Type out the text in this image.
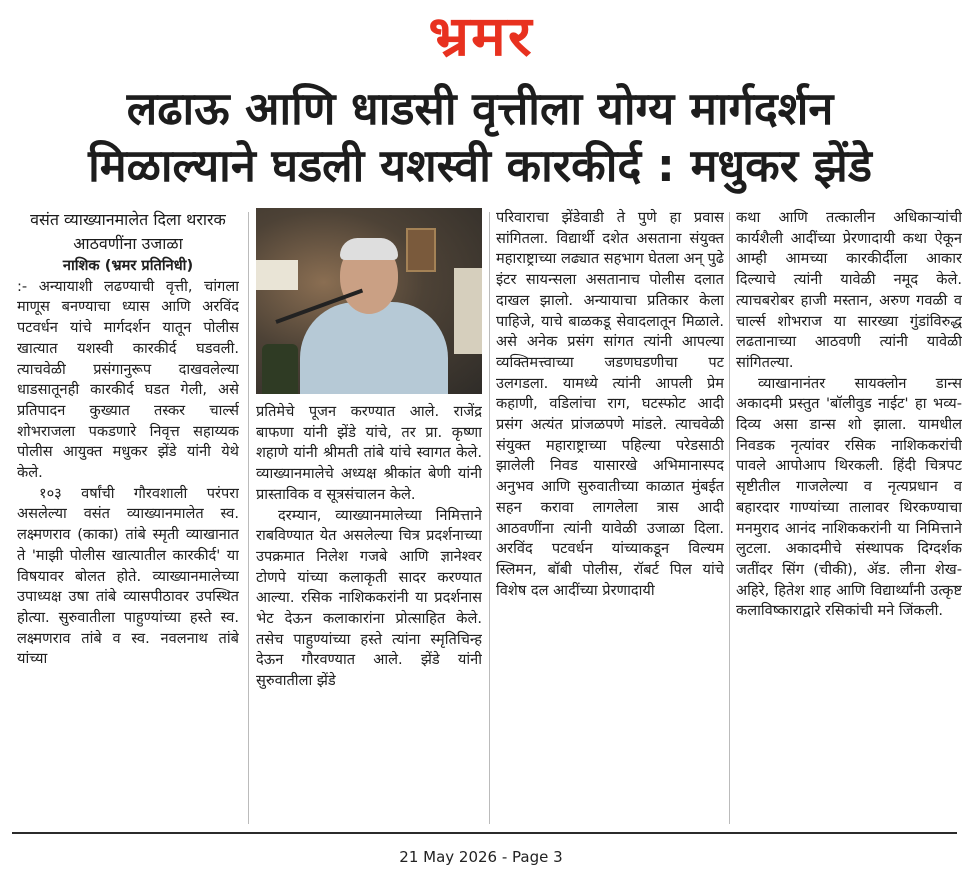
भ्रमर
लढाऊ आणि धाडसी वृत्तीला योग्य मार्गदर्शन
मिळाल्याने घडली यशस्वी कारकीर्द : मधुकर झेंडे
वसंत व्याख्यानमालेत दिला थरारक आठवणींना उजाळा
नाशिक (भ्रमर प्रतिनिधी)

:- अन्यायाशी लढण्याची वृत्ती, चांगला माणूस बनण्याचा ध्यास आणि अरविंद पटवर्धन यांचे मार्गदर्शन यातून पोलीस खात्यात यशस्वी कारकीर्द घडवली. त्याचवेळी प्रसंगानुरूप दाखवलेल्या धाडसातूनही कारकीर्द घडत गेली, असे प्रतिपादन कुख्यात तस्कर चार्ल्स शोभराजला पकडणारे निवृत्त सहाय्यक पोलीस आयुक्त मधुकर झेंडे यांनी येथे केले.

१०३ वर्षांची गौरवशाली परंपरा असलेल्या वसंत व्याख्यानमालेत स्व. लक्ष्मणराव (काका) तांबे स्मृती व्याखानात ते 'माझी पोलीस खात्यातील कारकीर्द' या विषयावर बोलत होते. व्याख्यानमालेच्या उपाध्यक्ष उषा तांबे व्यासपीठावर उपस्थित होत्या. सुरुवातीला पाहुण्यांच्या हस्ते स्व. लक्ष्मणराव तांबे व स्व. नवलनाथ तांबे यांच्या

प्रतिमेचे पूजन करण्यात आले. राजेंद्र बाफणा यांनी झेंडे यांचे, तर प्रा. कृष्णा शहाणे यांनी श्रीमती तांबे यांचे स्वागत केले. व्याख्यानमालेचे अध्यक्ष श्रीकांत बेणी यांनी प्रास्ताविक व सूत्रसंचालन केले.

दरम्यान, व्याख्यानमालेच्या निमित्ताने राबविण्यात येत असलेल्या चित्र प्रदर्शनाच्या उपक्रमात निलेश गजबे आणि ज्ञानेश्वर टोणपे यांच्या कलाकृती सादर करण्यात आल्या. रसिक नाशिककरांनी या प्रदर्शनास भेट देऊन कलाकारांना प्रोत्साहित केले. तसेच पाहुण्यांच्या हस्ते त्यांना स्मृतिचिन्ह देऊन गौरवण्यात आले. झेंडे यांनी सुरुवातीला झेंडे

परिवाराचा झेंडेवाडी ते पुणे हा प्रवास सांगितला. विद्यार्थी दशेत असताना संयुक्त महाराष्ट्राच्या लढ्यात सहभाग घेतला अन् पुढे इंटर सायन्सला असतानाच पोलीस दलात दाखल झालो. अन्यायाचा प्रतिकार केला पाहिजे, याचे बाळकडू सेवादलातून मिळाले. असे अनेक प्रसंग सांगत त्यांनी आपल्या व्यक्तिमत्त्वाच्या जडणघडणीचा पट उलगडला. यामध्ये त्यांनी आपली प्रेम कहाणी, वडिलांचा राग, घटस्फोट आदी प्रसंग अत्यंत प्रांजळपणे मांडले. त्याचवेळी संयुक्त महाराष्ट्राच्या पहिल्या परेडसाठी झालेली निवड यासारखे अभिमानास्पद अनुभव आणि सुरुवातीच्या काळात मुंबईत सहन करावा लागलेला त्रास आदी आठवणींना त्यांनी यावेळी उजाळा दिला. अरविंद पटवर्धन यांच्याकडून विल्यम स्लिमन, बॉबी पोलीस, रॉबर्ट पिल यांचे विशेष दल आदींच्या प्रेरणादायी

कथा आणि तत्कालीन अधिकाऱ्यांची कार्यशैली आदींच्या प्रेरणादायी कथा ऐकून आम्ही आमच्या कारकीर्दीला आकार दिल्याचे त्यांनी यावेळी नमूद केले. त्याचबरोबर हाजी मस्तान, अरुण गवळी व चार्ल्स शोभराज या सारख्या गुंडांविरुद्ध लढतानाच्या आठवणी त्यांनी यावेळी सांगितल्या.

व्याखानानंतर सायक्लोन डान्स अकादमी प्रस्तुत 'बॉलीवुड नाईट' हा भव्य- दिव्य असा डान्स शो झाला. यामधील निवडक नृत्यांवर रसिक नाशिककरांची पावले आपोआप थिरकली. हिंदी चित्रपट सृष्टीतील गाजलेल्या व नृत्यप्रधान व बहारदार गाण्यांच्या तालावर थिरकण्याचा मनमुराद आनंद नाशिककरांनी या निमित्ताने लुटला. अकादमीचे संस्थापक दिग्दर्शक जतींदर सिंग (चीकी), ॲड. लीना शेख- अहिरे, हितेश शाह आणि विद्यार्थ्यांनी उत्कृष्ट कलाविष्काराद्वारे रसिकांची मने जिंकली.

21 May 2026 - Page 3
